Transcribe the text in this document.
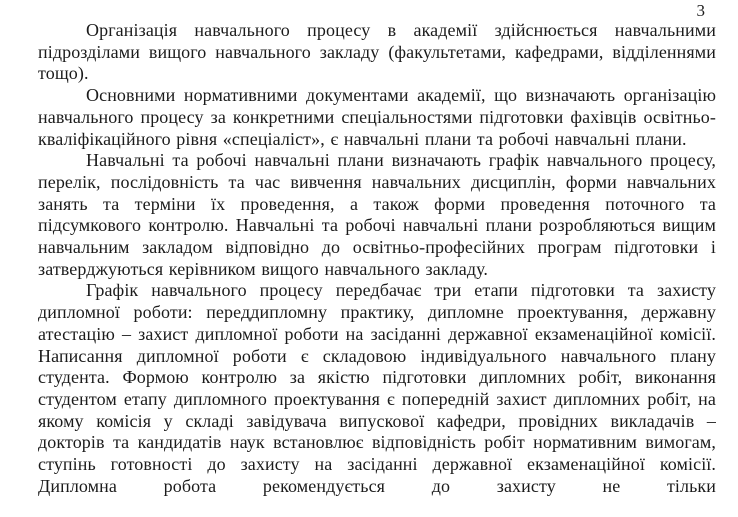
3

Організація навчального процесу в академії здійснюється навчальними підрозділами вищого навчального закладу (факультетами, кафедрами, відділеннями тощо).

Основними нормативними документами академії, що визначають організацію навчального процесу за конкретними спеціальностями підготовки фахівців освітньо-кваліфікаційного рівня «спеціаліст», є навчальні плани та робочі навчальні плани.

Навчальні та робочі навчальні плани визначають графік навчального процесу, перелік, послідовність та час вивчення навчальних дисциплін, форми навчальних занять та терміни їх проведення, а також форми проведення поточного та підсумкового контролю. Навчальні та робочі навчальні плани розробляються вищим навчальним закладом відповідно до освітньо-професійних програм підготовки і затверджуються керівником вищого навчального закладу.

Графік навчального процесу передбачає три етапи підготовки та захисту дипломної роботи: переддипломну практику, дипломне проектування, державну атестацію – захист дипломної роботи на засіданні державної екзаменаційної комісії. Написання дипломної роботи є складовою індивідуального навчального плану студента. Формою контролю за якістю підготовки дипломних робіт, виконання студентом етапу дипломного проектування є попередній захист дипломних робіт, на якому комісія у складі завідувача випускової кафедри, провідних викладачів – докторів та кандидатів наук встановлює відповідність робіт нормативним вимогам, ступінь готовності до захисту на засіданні державної екзаменаційної комісії. Дипломна робота рекомендується до захисту не тільки
